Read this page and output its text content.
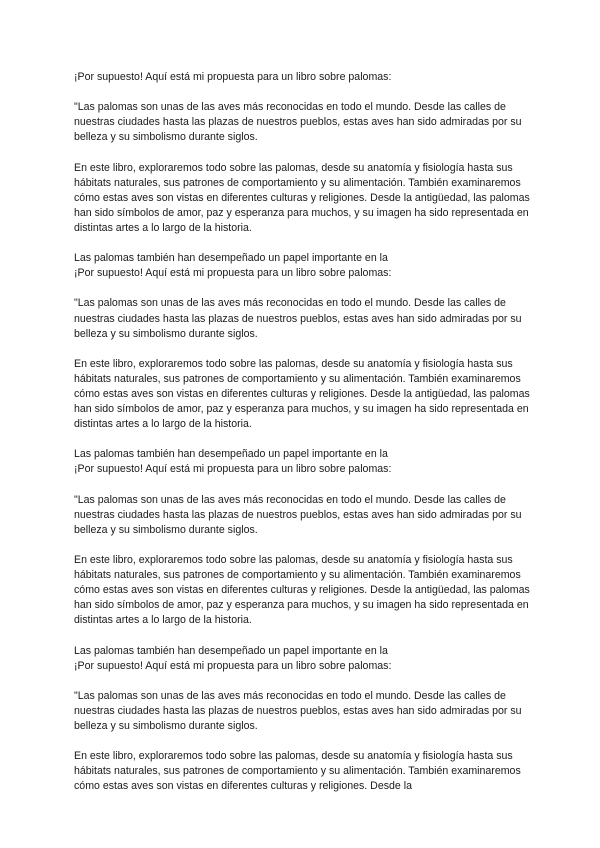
¡Por supuesto! Aquí está mi propuesta para un libro sobre palomas:

"Las palomas son unas de las aves más reconocidas en todo el mundo. Desde las calles de nuestras ciudades hasta las plazas de nuestros pueblos, estas aves han sido admiradas por su belleza y su simbolismo durante siglos.

En este libro, exploraremos todo sobre las palomas, desde su anatomía y fisiología hasta sus hábitats naturales, sus patrones de comportamiento y su alimentación. También examinaremos cómo estas aves son vistas en diferentes culturas y religiones. Desde la antigüedad, las palomas han sido símbolos de amor, paz y esperanza para muchos, y su imagen ha sido representada en distintas artes a lo largo de la historia.

Las palomas también han desempeñado un papel importante en la

¡Por supuesto! Aquí está mi propuesta para un libro sobre palomas:

"Las palomas son unas de las aves más reconocidas en todo el mundo. Desde las calles de nuestras ciudades hasta las plazas de nuestros pueblos, estas aves han sido admiradas por su belleza y su simbolismo durante siglos.

En este libro, exploraremos todo sobre las palomas, desde su anatomía y fisiología hasta sus hábitats naturales, sus patrones de comportamiento y su alimentación. También examinaremos cómo estas aves son vistas en diferentes culturas y religiones. Desde la antigüedad, las palomas han sido símbolos de amor, paz y esperanza para muchos, y su imagen ha sido representada en distintas artes a lo largo de la historia.

Las palomas también han desempeñado un papel importante en la

¡Por supuesto! Aquí está mi propuesta para un libro sobre palomas:

"Las palomas son unas de las aves más reconocidas en todo el mundo. Desde las calles de nuestras ciudades hasta las plazas de nuestros pueblos, estas aves han sido admiradas por su belleza y su simbolismo durante siglos.

En este libro, exploraremos todo sobre las palomas, desde su anatomía y fisiología hasta sus hábitats naturales, sus patrones de comportamiento y su alimentación. También examinaremos cómo estas aves son vistas en diferentes culturas y religiones. Desde la antigüedad, las palomas han sido símbolos de amor, paz y esperanza para muchos, y su imagen ha sido representada en distintas artes a lo largo de la historia.

Las palomas también han desempeñado un papel importante en la

¡Por supuesto! Aquí está mi propuesta para un libro sobre palomas:

"Las palomas son unas de las aves más reconocidas en todo el mundo. Desde las calles de nuestras ciudades hasta las plazas de nuestros pueblos, estas aves han sido admiradas por su belleza y su simbolismo durante siglos.

En este libro, exploraremos todo sobre las palomas, desde su anatomía y fisiología hasta sus hábitats naturales, sus patrones de comportamiento y su alimentación. También examinaremos cómo estas aves son vistas en diferentes culturas y religiones. Desde la
